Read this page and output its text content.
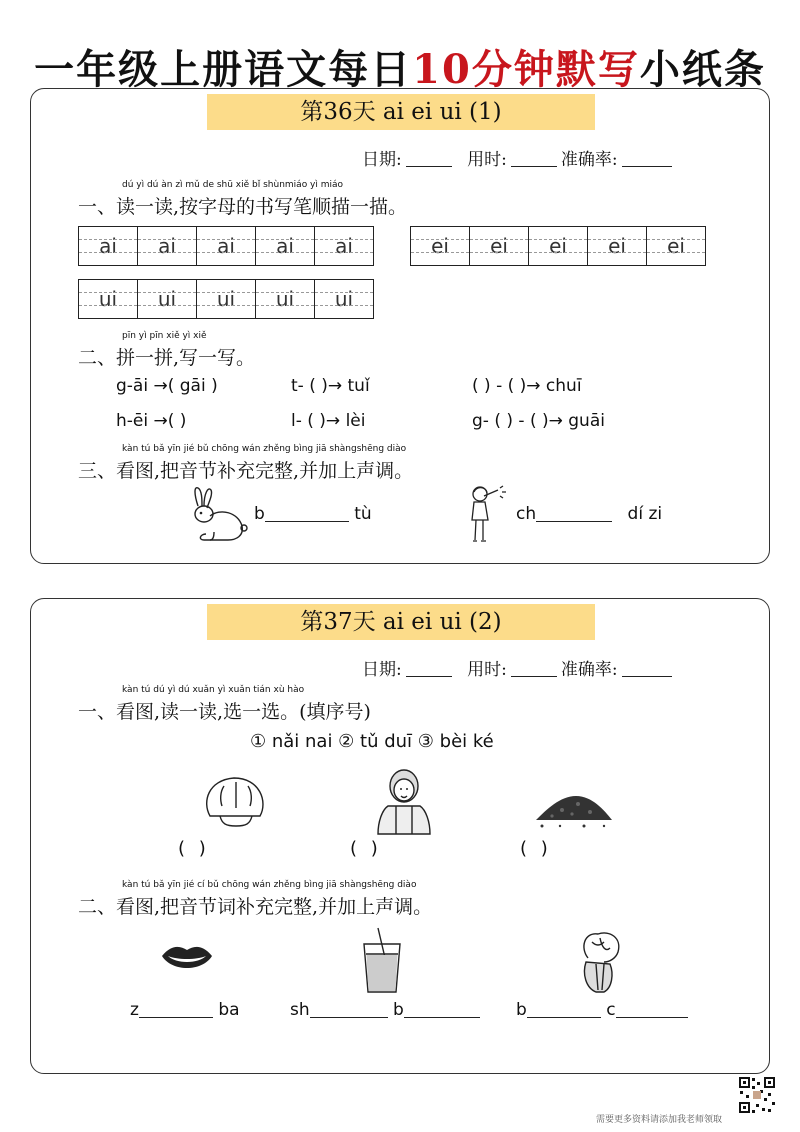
一年级上册语文每日10分钟默写小纸条
第36天 ai ei ui (1)
日期:	用时:	准确率:
dú yì dú àn zì mǔ de shū xiě bǐ shùnmiáo yì miáo
一、读一读,按字母的书写笔顺描一描。
ai	ai	ai	ai	ai	ei	ei	ei	ei	ei
ui	ui	ui	ui	ui
pīn yì pīn xiě yì xiě
二、拼一拼,写一写。
g-āi →( gāi )	t- ( )→ tuǐ	( ) - ( )→ chuī
h-ēi →( )	l- ( )→ lèi	g- ( ) - ( )→ guāi
kàn tú bǎ yīn jié bǔ chōng wán zhěng bìng jiā shàngshēng diào
三、看图,把音节补充完整,并加上声调。
b	tù	ch	dí zi
第37天 ai ei ui (2)
日期:	用时:	准确率:
kàn tú dú yì dú xuǎn yì xuǎn tián xù hào
一、看图,读一读,选一选。(填序号)
① nǎi nai ② tǔ duī ③ bèi ké
( )	( )	( )
kàn tú bǎ yīn jié cí bǔ chōng wán zhěng bìng jiā shàngshēng diào
二、看图,把音节词补充完整,并加上声调。
z	ba	sh	b	b	c
需要更多资料请添加我老师领取
